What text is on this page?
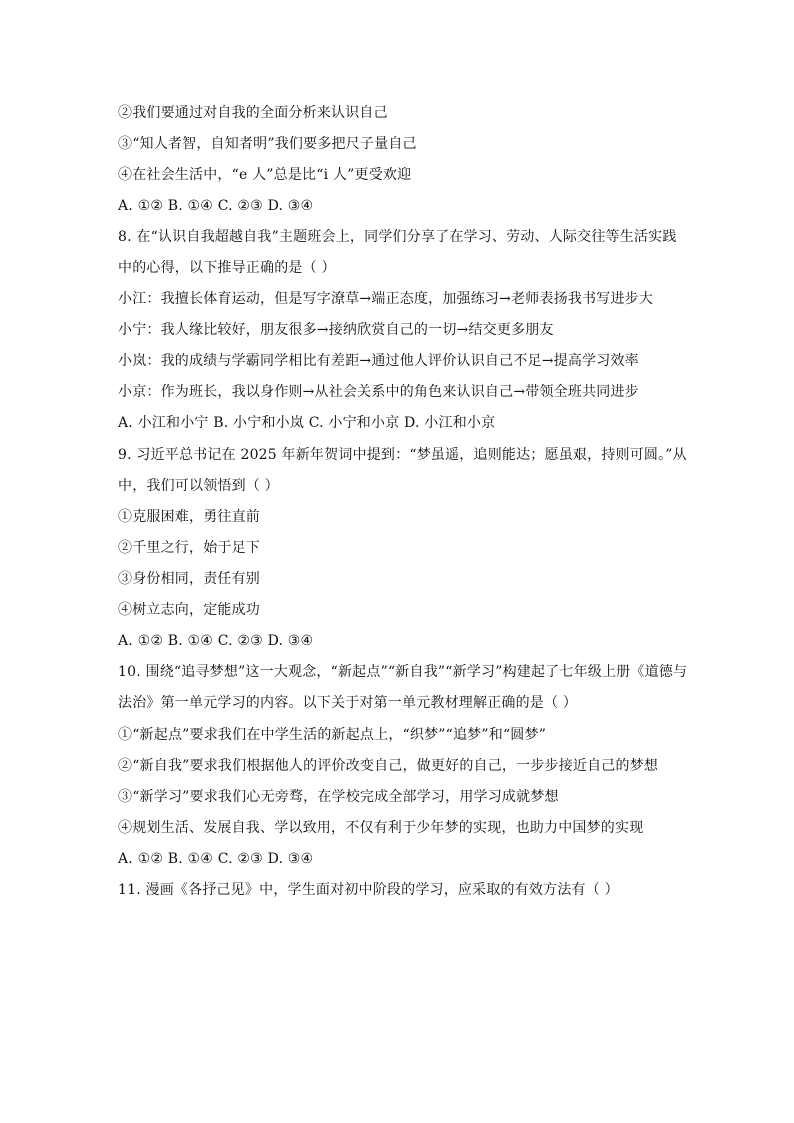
②我们要通过对自我的全面分析来认识自己
③“知人者智，自知者明”我们要多把尺子量自己
④在社会生活中，“e 人”总是比“i 人”更受欢迎
A. ①② B. ①④ C. ②③ D. ③④
8. 在“认识自我超越自我”主题班会上，同学们分享了在学习、劳动、人际交往等生活实践
中的心得，以下推导正确的是（ ）
小江：我擅长体育运动，但是写字潦草→端正态度，加强练习→老师表扬我书写进步大
小宁：我人缘比较好，朋友很多→接纳欣赏自己的一切→结交更多朋友
小岚：我的成绩与学霸同学相比有差距→通过他人评价认识自己不足→提高学习效率
小京：作为班长，我以身作则→从社会关系中的角色来认识自己→带领全班共同进步
A. 小江和小宁 B. 小宁和小岚 C. 小宁和小京 D. 小江和小京
9. 习近平总书记在 2025 年新年贺词中提到：“梦虽遥，追则能达；愿虽艰，持则可圆。”从
中，我们可以领悟到（ ）
①克服困难，勇往直前
②千里之行，始于足下
③身份相同，责任有别
④树立志向，定能成功
A. ①② B. ①④ C. ②③ D. ③④
10. 围绕“追寻梦想”这一大观念，“新起点”“新自我”“新学习”构建起了七年级上册《道德与
法治》第一单元学习的内容。以下关于对第一单元教材理解正确的是（ ）
①“新起点”要求我们在中学生活的新起点上，“织梦”“追梦”和“圆梦”
②“新自我”要求我们根据他人的评价改变自己，做更好的自己，一步步接近自己的梦想
③“新学习”要求我们心无旁骛，在学校完成全部学习，用学习成就梦想
④规划生活、发展自我、学以致用，不仅有利于少年梦的实现，也助力中国梦的实现
A. ①② B. ①④ C. ②③ D. ③④
11. 漫画《各抒己见》中，学生面对初中阶段的学习，应采取的有效方法有（ ）
